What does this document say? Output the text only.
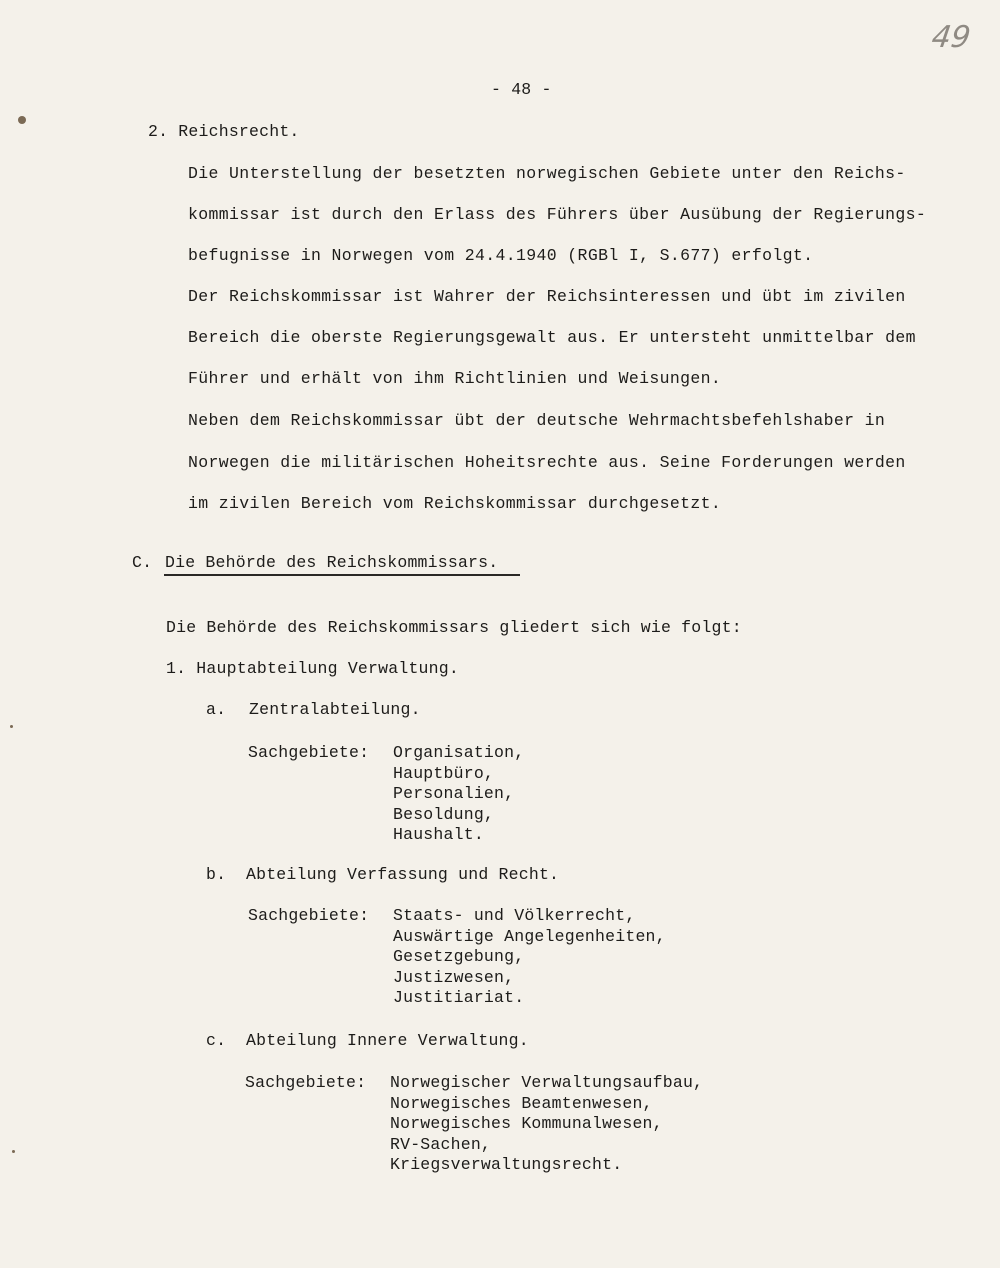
49
- 48 -
2. Reichsrecht.
Die Unterstellung der besetzten norwegischen Gebiete unter den Reichs-
kommissar ist durch den Erlass des Führers über Ausübung der Regierungs-
befugnisse in Norwegen vom 24.4.1940 (RGBl I, S.677) erfolgt.
Der Reichskommissar ist Wahrer der Reichsinteressen und übt im zivilen
Bereich die oberste Regierungsgewalt aus. Er untersteht unmittelbar dem
Führer und erhält von ihm Richtlinien und Weisungen.
Neben dem Reichskommissar übt der deutsche Wehrmachtsbefehlshaber in
Norwegen die militärischen Hoheitsrechte aus. Seine Forderungen werden
im zivilen Bereich vom Reichskommissar durchgesetzt.
C. Die Behörde des Reichskommissars.
Die Behörde des Reichskommissars gliedert sich wie folgt:
1. Hauptabteilung Verwaltung.
a. Zentralabteilung.
Sachgebiete: Organisation,
Hauptbüro,
Personalien,
Besoldung,
Haushalt.
b. Abteilung Verfassung und Recht.
Sachgebiete: Staats- und Völkerrecht,
Auswärtige Angelegenheiten,
Gesetzgebung,
Justizwesen,
Justitiariat.
c. Abteilung Innere Verwaltung.
Sachgebiete: Norwegischer Verwaltungsaufbau,
Norwegisches Beamtenwesen,
Norwegisches Kommunalwesen,
RV-Sachen,
Kriegsverwaltungsrecht.
